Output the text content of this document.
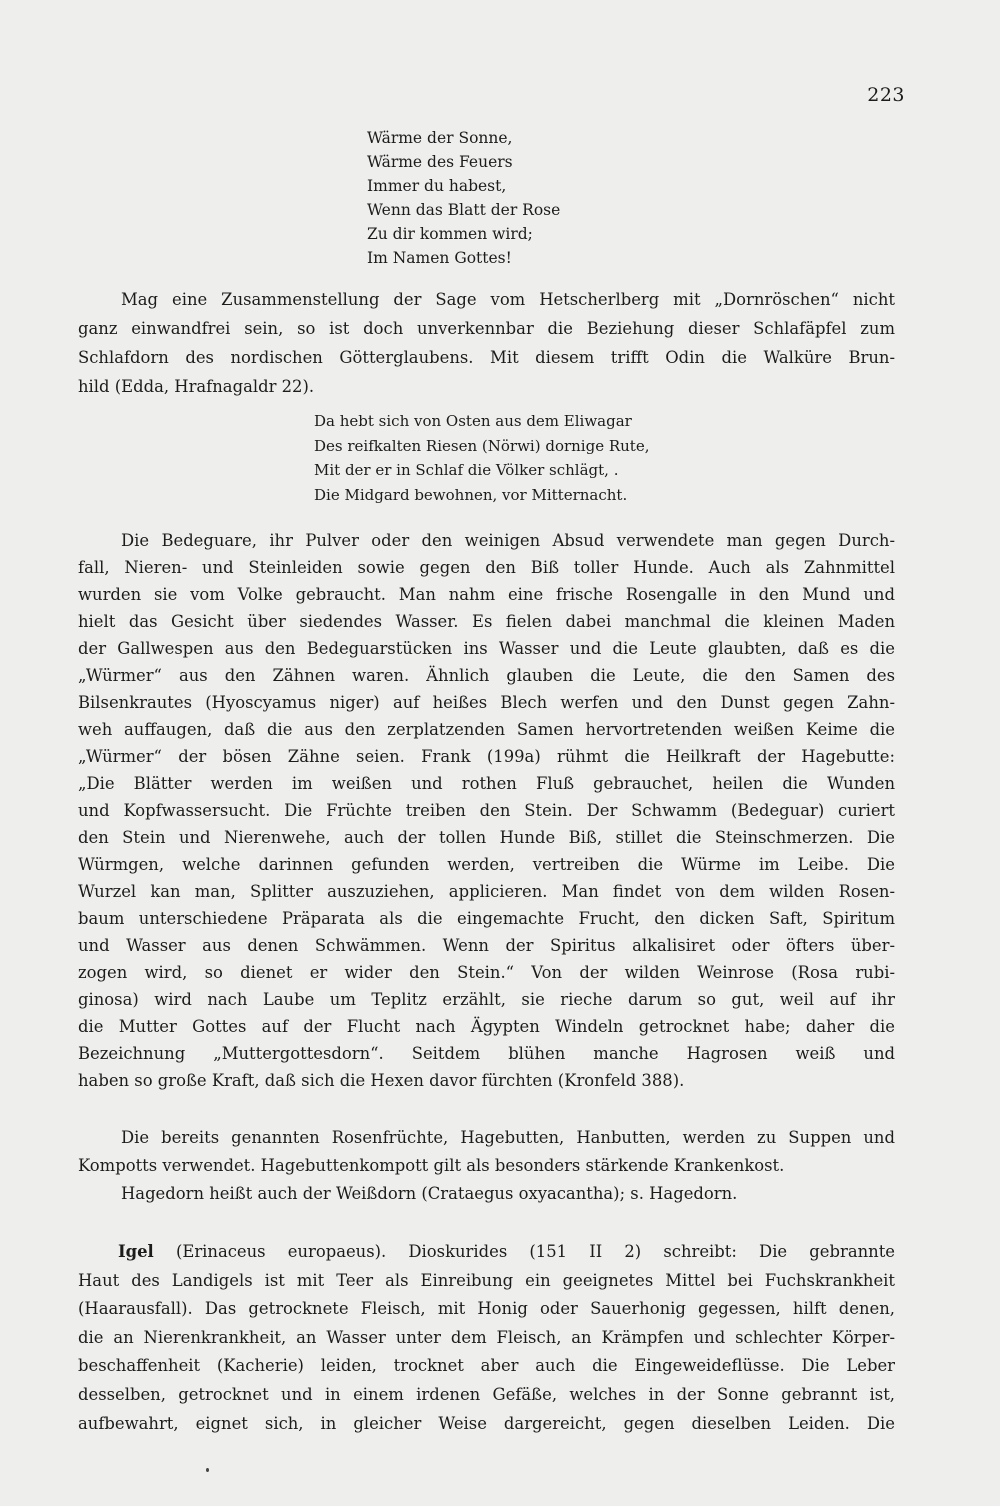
223
Wärme der Sonne,
Wärme des Feuers
Immer du habest,
Wenn das Blatt der Rose
Zu dir kommen wird;
Im Namen Gottes!
Mag eine Zusammenstellung der Sage vom Hetscherlberg mit „Dornröschen“ nicht
ganz einwandfrei sein, so ist doch unverkennbar die Beziehung dieser Schlafäpfel zum
Schlafdorn des nordischen Götterglaubens. Mit diesem trifft Odin die Walküre Brun-
hild (Edda, Hrafnagaldr 22).
Da hebt sich von Osten aus dem Eliwagar
Des reifkalten Riesen (Nörwi) dornige Rute,
Mit der er in Schlaf die Völker schlägt, .
Die Midgard bewohnen, vor Mitternacht.
Die Bedeguare, ihr Pulver oder den weinigen Absud verwendete man gegen Durch-
fall, Nieren- und Steinleiden sowie gegen den Biß toller Hunde. Auch als Zahnmittel
wurden sie vom Volke gebraucht. Man nahm eine frische Rosengalle in den Mund und
hielt das Gesicht über siedendes Wasser. Es fielen dabei manchmal die kleinen Maden
der Gallwespen aus den Bedeguarstücken ins Wasser und die Leute glaubten, daß es die
„Würmer“ aus den Zähnen waren. Ähnlich glauben die Leute, die den Samen des
Bilsenkrautes (Hyoscyamus niger) auf heißes Blech werfen und den Dunst gegen Zahn-
weh auffaugen, daß die aus den zerplatzenden Samen hervortretenden weißen Keime die
„Würmer“ der bösen Zähne seien. Frank (199a) rühmt die Heilkraft der Hagebutte:
„Die Blätter werden im weißen und rothen Fluß gebrauchet, heilen die Wunden
und Kopfwassersucht. Die Früchte treiben den Stein. Der Schwamm (Bedeguar) curiert
den Stein und Nierenwehe, auch der tollen Hunde Biß, stillet die Steinschmerzen. Die
Würmgen, welche darinnen gefunden werden, vertreiben die Würme im Leibe. Die
Wurzel kan man, Splitter auszuziehen, applicieren. Man findet von dem wilden Rosen-
baum unterschiedene Präparata als die eingemachte Frucht, den dicken Saft, Spiritum
und Wasser aus denen Schwämmen. Wenn der Spiritus alkalisiret oder öfters über-
zogen wird, so dienet er wider den Stein.“ Von der wilden Weinrose (Rosa rubi-
ginosa) wird nach Laube um Teplitz erzählt, sie rieche darum so gut, weil auf ihr
die Mutter Gottes auf der Flucht nach Ägypten Windeln getrocknet habe; daher die
Bezeichnung „Muttergottesdorn“. Seitdem blühen manche Hagrosen weiß und
haben so große Kraft, daß sich die Hexen davor fürchten (Kronfeld 388).
Die bereits genannten Rosenfrüchte, Hagebutten, Hanbutten, werden zu Suppen und
Kompotts verwendet. Hagebuttenkompott gilt als besonders stärkende Krankenkost.
Hagedorn heißt auch der Weißdorn (Crataegus oxyacantha); s. Hagedorn.
Igel (Erinaceus europaeus). Dioskurides (151 II 2) schreibt: Die gebrannte
Haut des Landigels ist mit Teer als Einreibung ein geeignetes Mittel bei Fuchskrankheit
(Haarausfall). Das getrocknete Fleisch, mit Honig oder Sauerhonig gegessen, hilft denen,
die an Nierenkrankheit, an Wasser unter dem Fleisch, an Krämpfen und schlechter Körper-
beschaffenheit (Kacherie) leiden, trocknet aber auch die Eingeweideflüsse. Die Leber
desselben, getrocknet und in einem irdenen Gefäße, welches in der Sonne gebrannt ist,
aufbewahrt, eignet sich, in gleicher Weise dargereicht, gegen dieselben Leiden. Die
